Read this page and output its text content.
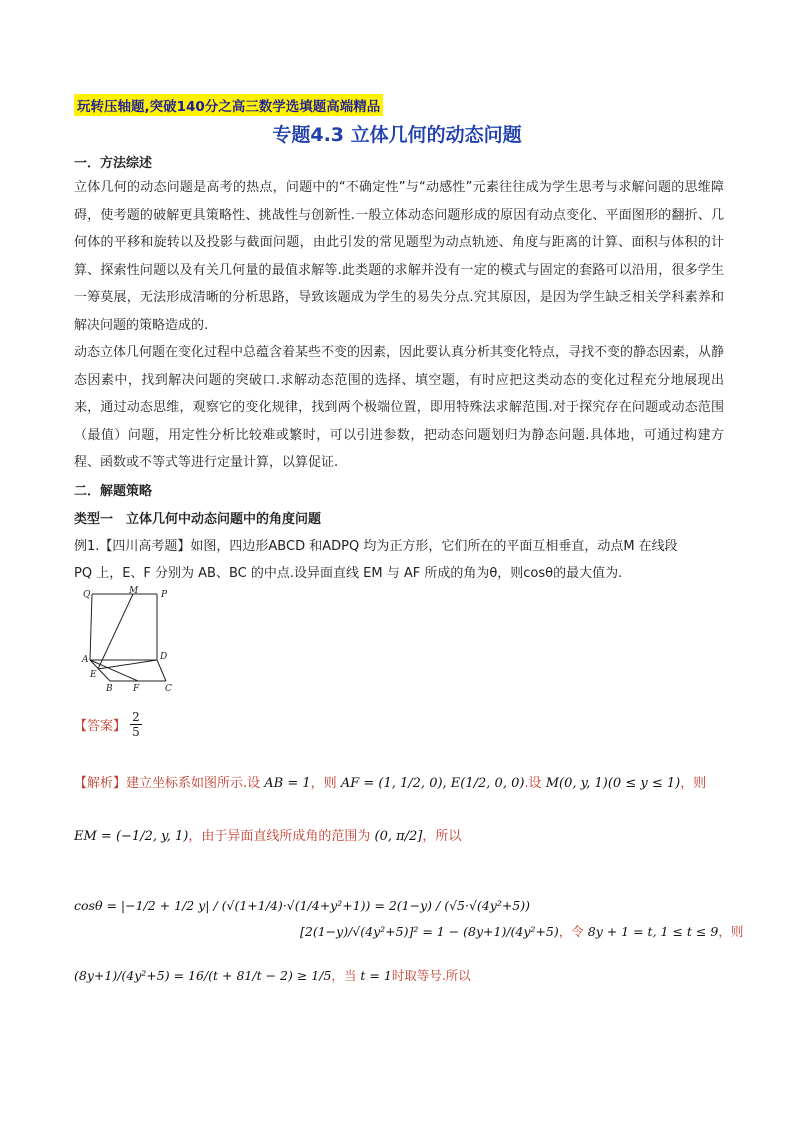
玩转压轴题,突破140分之高三数学选填题高端精品
专题4.3 立体几何的动态问题
一．方法综述
立体几何的动态问题是高考的热点，问题中的“不确定性”与“动感性”元素往往成为学生思考与求解问题的思维障碍，使考题的破解更具策略性、挑战性与创新性.一般立体动态问题形成的原因有动点变化、平面图形的翻折、几何体的平移和旋转以及投影与截面问题，由此引发的常见题型为动点轨迹、角度与距离的计算、面积与体积的计算、探索性问题以及有关几何量的最值求解等.此类题的求解并没有一定的模式与固定的套路可以沿用，很多学生一筹莫展，无法形成清晰的分析思路，导致该题成为学生的易失分点.究其原因，是因为学生缺乏相关学科素养和解决问题的策略造成的.
动态立体几何题在变化过程中总蕴含着某些不变的因素，因此要认真分析其变化特点，寻找不变的静态因素，从静态因素中，找到解决问题的突破口.求解动态范围的选择、填空题，有时应把这类动态的变化过程充分地展现出来，通过动态思维，观察它的变化规律，找到两个极端位置，即用特殊法求解范围.对于探究存在问题或动态范围（最值）问题，用定性分析比较难或繁时，可以引进参数，把动态问题划归为静态问题.具体地，可通过构建方程、函数或不等式等进行定量计算，以算促证.
二．解题策略
类型一　立体几何中动态问题中的角度问题
例1.【四川高考题】如图，四边形ABCD 和ADPQ 均为正方形，它们所在的平面互相垂直，动点M 在线段
PQ 上，E、F 分别为 AB、BC 的中点.设异面直线 EM 与 AF 所成的角为θ，则cosθ的最大值为.
Q	M	P
A	D
E
B F	C
【答案】 $\frac{2}{5}$
【解析】建立坐标系如图所示.设 AB = 1，则 AF = (1, 1/2, 0), E(1/2, 0, 0).设 M(0, y, 1)(0 ≤ y ≤ 1)，则
EM = (−1/2, y, 1)，由于异面直线所成角的范围为 (0, π/2]，所以
cosθ = |−1/2 + 1/2 y| / (√(1+1/4)·√(1/4+y²+1)) = 2(1−y) / (√5·√(4y²+5))
[2(1−y)/√(4y²+5)]² = 1 − (8y+1)/(4y²+5)，令 8y + 1 = t, 1 ≤ t ≤ 9，则
(8y+1)/(4y²+5) = 16/(t + 81/t − 2) ≥ 1/5，当 t = 1时取等号.所以
